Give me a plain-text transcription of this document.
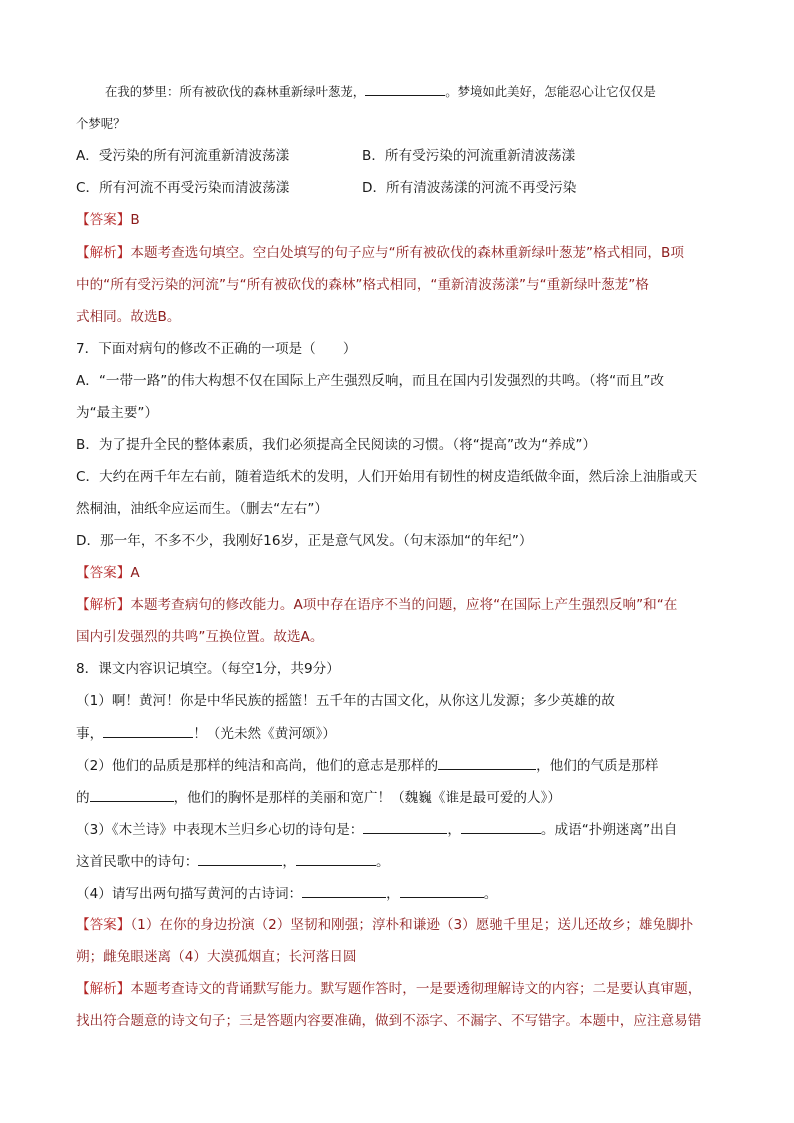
在我的梦里：所有被砍伐的森林重新绿叶葱茏，	。梦境如此美好，怎能忍心让它仅仅是
个梦呢？
A．受污染的所有河流重新清波荡漾	B．所有受污染的河流重新清波荡漾
C．所有河流不再受污染而清波荡漾	D．所有清波荡漾的河流不再受污染
【答案】B
【解析】本题考查选句填空。空白处填写的句子应与“所有被砍伐的森林重新绿叶葱茏”格式相同，B项
中的“所有受污染的河流”与“所有被砍伐的森林”格式相同，“重新清波荡漾”与“重新绿叶葱茏”格
式相同。故选B。
7．下面对病句的修改不正确的一项是（　　）
A．“一带一路”的伟大构想不仅在国际上产生强烈反响，而且在国内引发强烈的共鸣。（将“而且”改
为“最主要”）
B．为了提升全民的整体素质，我们必须提高全民阅读的习惯。（将“提高”改为“养成”）
C．大约在两千年左右前，随着造纸术的发明，人们开始用有韧性的树皮造纸做伞面，然后涂上油脂或天
然桐油，油纸伞应运而生。（删去“左右”）
D．那一年，不多不少，我刚好16岁，正是意气风发。（句末添加“的年纪”）
【答案】A
【解析】本题考查病句的修改能力。A项中存在语序不当的问题，应将“在国际上产生强烈反响”和“在
国内引发强烈的共鸣”互换位置。故选A。
8．课文内容识记填空。（每空1分，共9分）
（1）啊！黄河！你是中华民族的摇篮！五千年的古国文化，从你这儿发源；多少英雄的故
事，	！（光未然《黄河颂》）
（2）他们的品质是那样的纯洁和高尚，他们的意志是那样的	，他们的气质是那样
的	，他们的胸怀是那样的美丽和宽广！（魏巍《谁是最可爱的人》）
（3）《木兰诗》中表现木兰归乡心切的诗句是：	，	。成语“扑朔迷离”出自
这首民歌中的诗句：	，	。
（4）请写出两句描写黄河的古诗词：	，	。
【答案】（1）在你的身边扮演（2）坚韧和刚强；淳朴和谦逊（3）愿驰千里足；送儿还故乡；雄兔脚扑
朔；雌兔眼迷离（4）大漠孤烟直；长河落日圆
【解析】本题考查诗文的背诵默写能力。默写题作答时，一是要透彻理解诗文的内容；二是要认真审题，
找出符合题意的诗文句子；三是答题内容要准确，做到不添字、不漏字、不写错字。本题中，应注意易错
